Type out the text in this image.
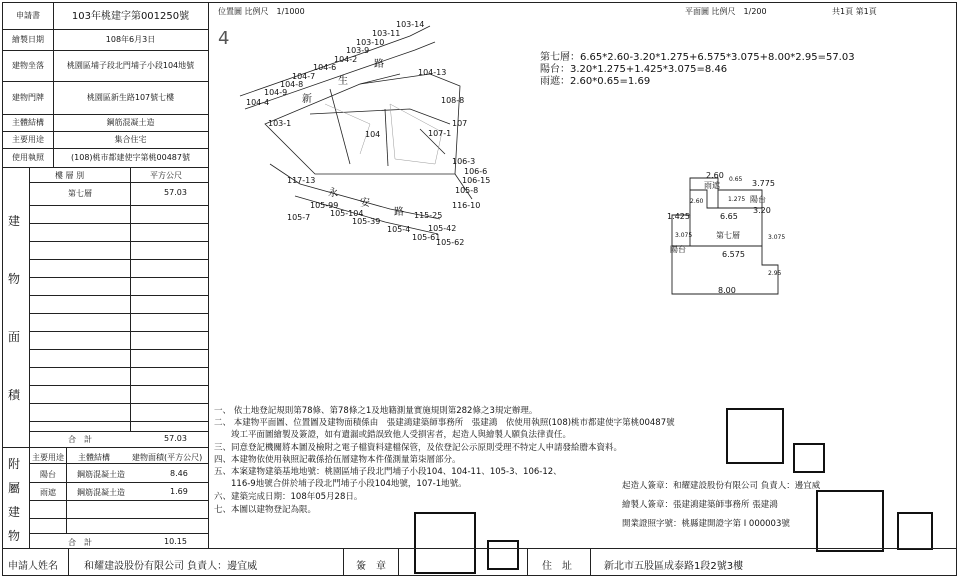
申請書	103年桃建字第001250號
繪製日期	108年6月3日
建物坐落	桃園區埔子段北門埔子小段104地號
建物門牌	桃園區新生路107號七樓
主體結構	鋼筋混凝土造
主要用途	集合住宅
使用執照	(108)桃市都建使字第桃00487號
樓 層 別	平方公尺
第七層	57.03
建
物
面
積
合　計	57.03
主要用途 主體結構	建物面積(平方公尺)
陽台	鋼筋混凝土造	8.46
雨遮	鋼筋混凝土造	1.69
附
屬
建
物	合　計	10.15
位置圖 比例尺　1/1000
4
生
新
路
永
安
路
103-14
103-11
103-10
103-9
104-2
104-6
104-7
104-8
104-9
104-4
103-1
104-13
108-8
107
107-1
104
106-3
106-6
106-15
105-8
116-10
117-13
105-99
105-104
105-39
115-25
105-4
105-61
105-62
105-42
105-7
平面圖 比例尺　1/200	共1頁 第1頁
第七層：6.65*2.60-3.20*1.275+6.575*3.075+8.00*2.95=57.03
陽台：3.20*1.275+1.425*3.075=8.46
雨遮：2.60*0.65=1.69
2.60
雨遮
0.65 3.775
陽台
2.60	1.275
3.20
1.425	6.65
第七層
3.075	3.075
陽台
6.575
2.95
8.00
一、 依土地登記規則第78條、第78條之1及地籍測量實施規則第282條之3規定辦理。
二、 本建物平面圖、位置圖及建物面積係由　張建鴻建築師事務所　張建鴻　依使用執照(108)桃市都建使字第桃00487號
　　竣工平面圖繪製及簽證，如有遺漏或錯誤致他人受損害者，起造人與繪製人願負法律責任。
三、同意登記機關將本圖及檢附之電子檔資料建檔保管，及依登記公示原則受理不特定人申請發給謄本資料。
四、本建物依使用執照記載係拾伍層建物本件僅測量第柒層部分。
五、本案建物建築基地地號：桃園區埔子段北門埔子小段104、104-11、105-3、106-12、
　　116-9地號合併於埔子段北門埔子小段104地號，107-1地號。
六、建築完成日期：108年05月28日。
七、本圖以建物登記為限。
起造人簽章：和耀建設股份有限公司 負責人：邊宜威
繪製人簽章：張建鴻建築師事務所 張建鴻
開業證照字號：桃縣建開證字第 I 000003號
申請人姓名	和耀建設股份有限公司 負責人：邊宜威	簽　章	住　址	新北市五股區成泰路1段2號3樓
